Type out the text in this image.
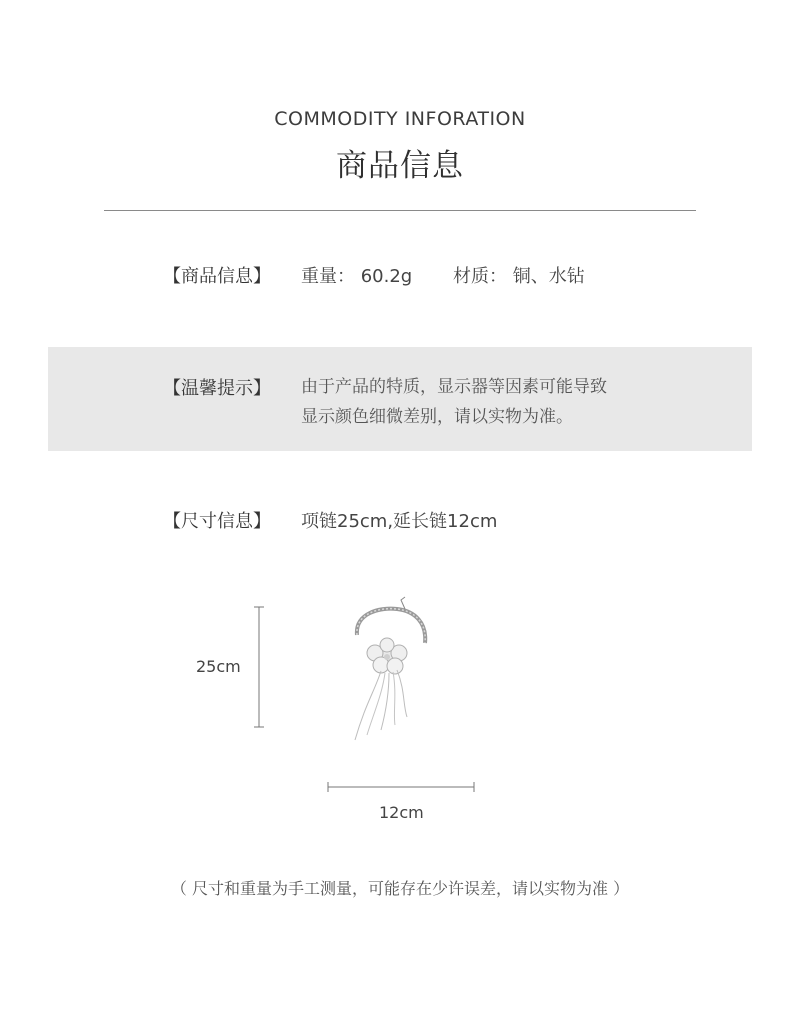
COMMODITY INFORATION
商品信息
【商品信息】 重量： 60.2g 材质： 铜、水钻
【温馨提示】 由于产品的特质，显示器等因素可能导致
显示颜色细微差别，请以实物为准。
【尺寸信息】 项链25cm,延长链12cm
25cm
12cm
（ 尺寸和重量为手工测量，可能存在少许误差，请以实物为准 ）
